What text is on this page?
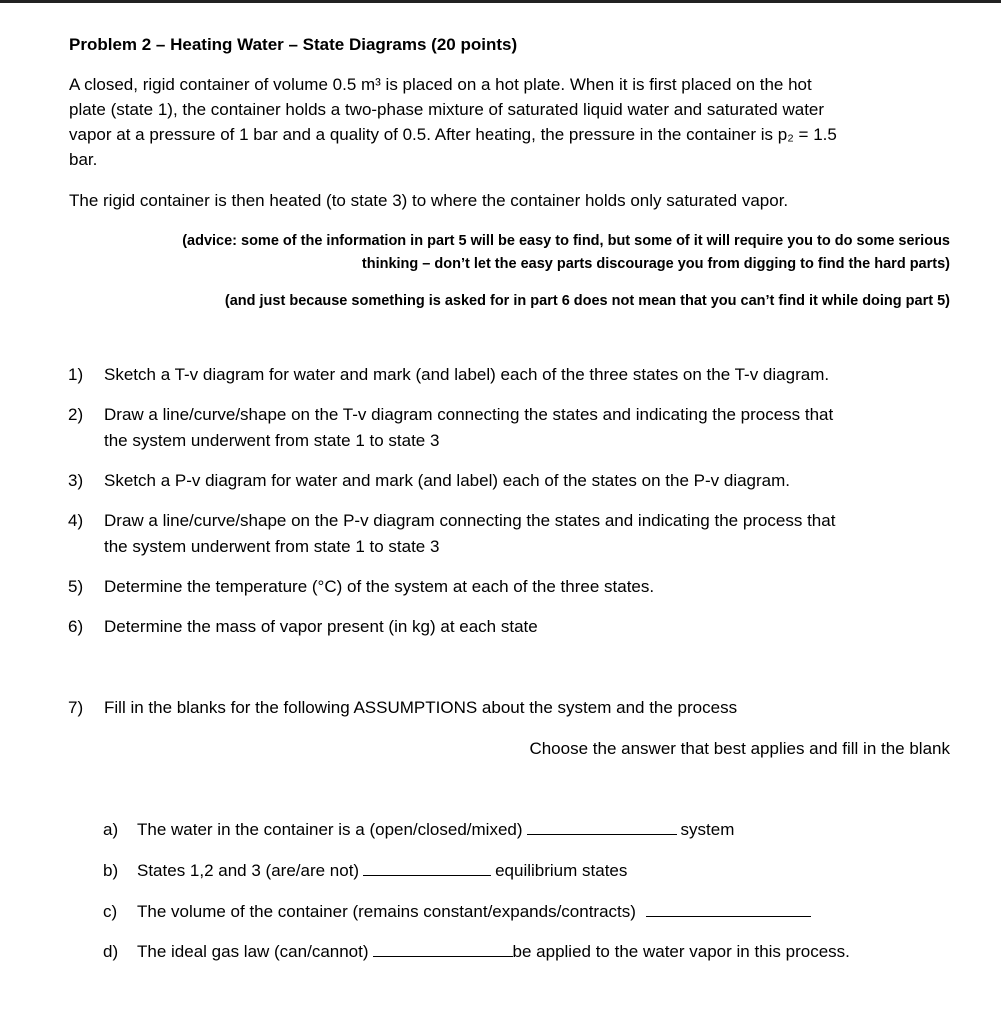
Problem 2 – Heating Water – State Diagrams (20 points)
A closed, rigid container of volume 0.5 m³ is placed on a hot plate. When it is first placed on the hot
plate (state 1), the container holds a two-phase mixture of saturated liquid water and saturated water
vapor at a pressure of 1 bar and a quality of 0.5. After heating, the pressure in the container is p₂ = 1.5
bar.
The rigid container is then heated (to state 3) to where the container holds only saturated vapor.
(advice: some of the information in part 5 will be easy to find, but some of it will require you to do some serious
thinking – don’t let the easy parts discourage you from digging to find the hard parts)
(and just because something is asked for in part 6 does not mean that you can’t find it while doing part 5)
1)	Sketch a T-v diagram for water and mark (and label) each of the three states on the T-v diagram.
2)	Draw a line/curve/shape on the T-v diagram connecting the states and indicating the process that
the system underwent from state 1 to state 3
3)	Sketch a P-v diagram for water and mark (and label) each of the states on the P-v diagram.
4)	Draw a line/curve/shape on the P-v diagram connecting the states and indicating the process that
the system underwent from state 1 to state 3
5)	Determine the temperature (°C) of the system at each of the three states.
6)	Determine the mass of vapor present (in kg) at each state
7)	Fill in the blanks for the following ASSUMPTIONS about the system and the process
Choose the answer that best applies and fill in the blank
a) The water in the container is a (open/closed/mixed)	system
b) States 1,2 and 3 (are/are not)	equilibrium states
c) The volume of the container (remains constant/expands/contracts)
d) The ideal gas law (can/cannot)	be applied to the water vapor in this process.
